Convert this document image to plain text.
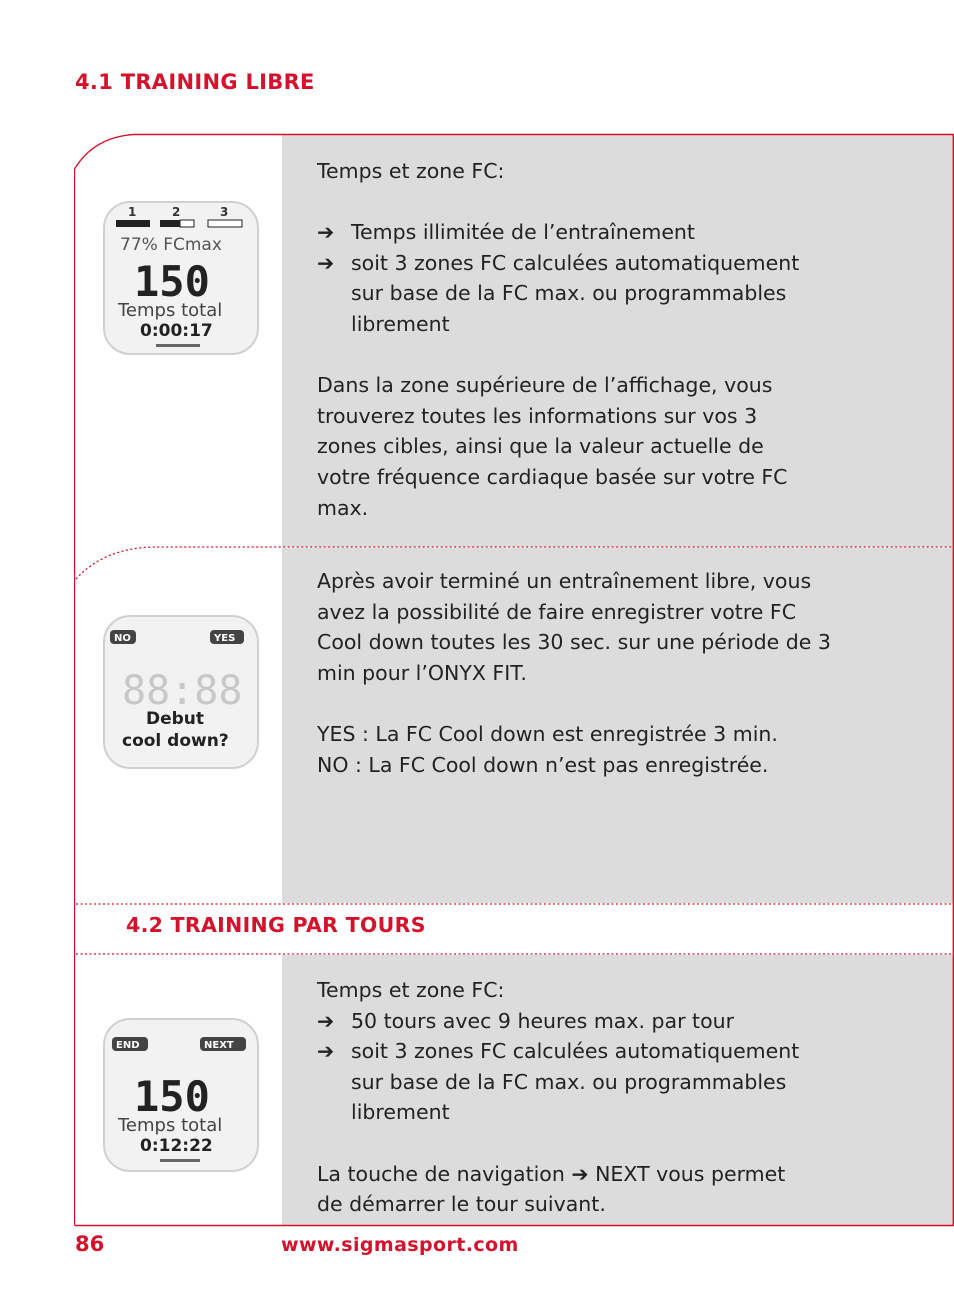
4.1 TRAINING LIBRE

Temps et zone FC:

➔ Temps illimitée de l’entraînement
➔ soit 3 zones FC calculées automatiquement sur base de la FC max. ou programmables librement

Dans la zone supérieure de l’affichage, vous trouverez toutes les informations sur vos 3 zones cibles, ainsi que la valeur actuelle de votre fréquence cardiaque basée sur votre FC max.

Après avoir terminé un entraînement libre, vous avez la possibilité de faire enregistrer votre FC Cool down toutes les 30 sec. sur une période de 3 min pour l’ONYX FIT.

YES : La FC Cool down est enregistrée 3 min.

NO : La FC Cool down n’est pas enregistrée.

4.2 TRAINING PAR TOURS

Temps et zone FC:

➔ 50 tours avec 9 heures max. par tour
➔ soit 3 zones FC calculées automatiquement sur base de la FC max. ou programmables librement

La touche de navigation ➔ NEXT vous permet

de démarrer le tour suivant.

1	2	3
77% FCmax
150
Temps total
0:00:17
NO	YES
88:88
Debut
cool down?
END	NEXT
150
Temps total
0:12:22
86	www.sigmasport.com
